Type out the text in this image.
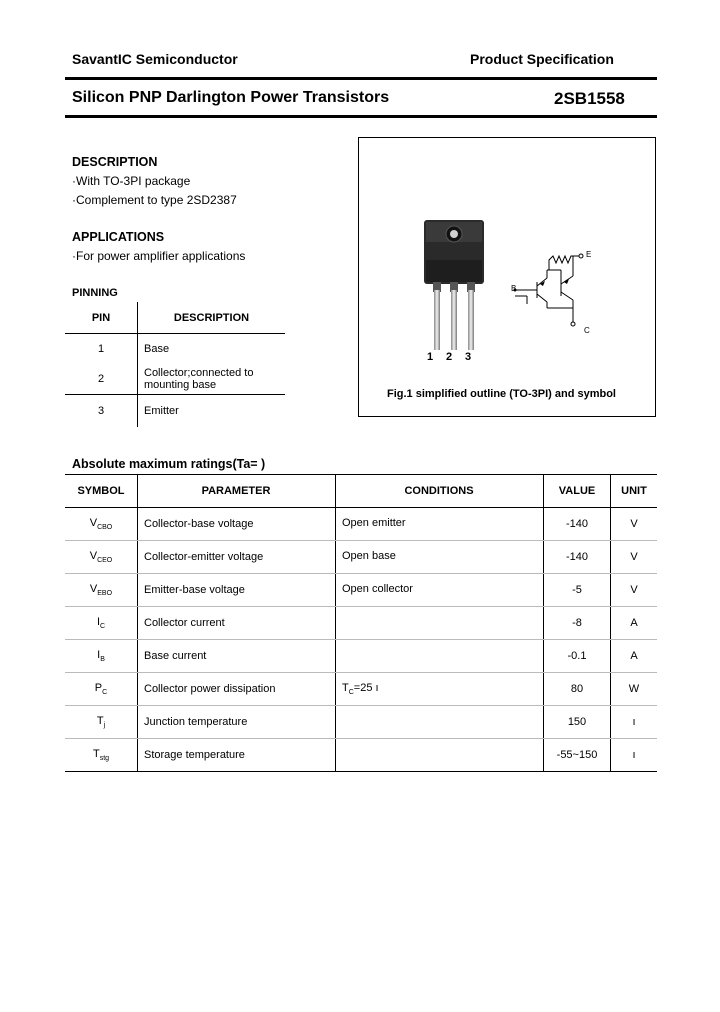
SavantIC Semiconductor	Product Specification
Silicon PNP Darlington Power Transistors	2SB1558
DESCRIPTION
·With TO-3PI package
·Complement to type 2SD2387
APPLICATIONS
·For power amplifier applications
PINNING
PIN	DESCRIPTION
1	Base
2	Collector;connected to mounting base
3	Emitter
1 2 3
E
B
C
Fig.1 simplified outline (TO-3PI) and symbol
Absolute maximum ratings(Ta= )
SYMBOL	PARAMETER	CONDITIONS	VALUE	UNIT
$V_{CBO}$	Collector-base voltage	Open emitter	-140	V
$V_{CEO}$	Collector-emitter voltage	Open base	-140	V
$V_{EBO}$	Emitter-base voltage	Open collector	-5	V
$I_C$	Collector current		-8	A
$I_B$	Base current		-0.1	A
$P_C$	Collector power dissipation	$T_C=25$ ı	80	W
$T_j$	Junction temperature		150	ı
$T_{stg}$	Storage temperature		-55~150	ı
